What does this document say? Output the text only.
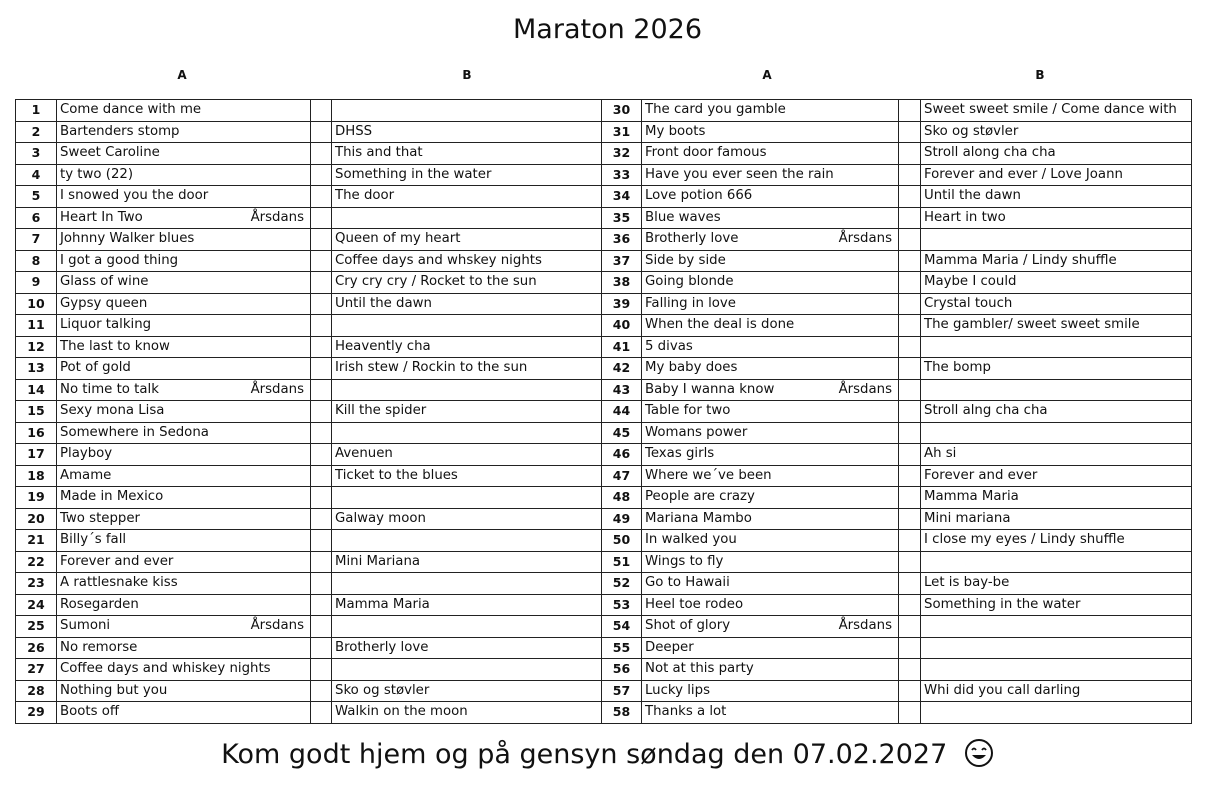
Maraton 2026
A	B	A	B
1	Come dance with me			30	The card you gamble		Sweet sweet smile / Come dance with
2	Bartenders stomp		DHSS	31	My boots		Sko og støvler
3	Sweet Caroline		This and that	32	Front door famous		Stroll along cha cha
4	ty two (22)		Something in the water	33	Have you ever seen the rain		Forever and ever / Love Joann
5	I snowed you the door		The door	34	Love potion 666		Until the dawn
6	Heart In Two Årsdans			35	Blue waves		Heart in two
7	Johnny Walker blues		Queen of my heart	36	Brotherly love Årsdans		

8	I got a good thing		Coffee days and whskey nights	37	Side by side		Mamma Maria / Lindy shuffle
9	Glass of wine		Cry cry cry / Rocket to the sun	38	Going blonde		Maybe I could
10	Gypsy queen		Until the dawn	39	Falling in love		Crystal touch
11	Liquor talking			40	When the deal is done		The gambler/ sweet sweet smile
12	The last to know		Heavently cha	41	5 divas		
13	Pot of gold		Irish stew / Rockin to the sun	42	My baby does		The bomp
14	No time to talk Årsdans			43	Baby I wanna know Årsdans		

15	Sexy mona Lisa		Kill the spider	44	Table for two		Stroll alng cha cha
16	Somewhere in Sedona			45	Womans power		
17	Playboy		Avenuen	46	Texas girls		Ah si
18	Amame		Ticket to the blues	47	Where we´ve been		Forever and ever
19	Made in Mexico			48	People are crazy		Mamma Maria
20	Two stepper		Galway moon	49	Mariana Mambo		Mini mariana
21	Billy´s fall			50	In walked you		I close my eyes / Lindy shuffle
22	Forever and ever		Mini Mariana	51	Wings to fly		
23	A rattlesnake kiss			52	Go to Hawaii		Let is bay-be
24	Rosegarden		Mamma Maria	53	Heel toe rodeo		Something in the water
25	Sumoni Årsdans			54	Shot of glory Årsdans		

26	No remorse		Brotherly love	55	Deeper		
27	Coffee days and whiskey nights			56	Not at this party		
28	Nothing but you		Sko og støvler	57	Lucky lips		Whi did you call darling
29	Boots off		Walkin on the moon	58	Thanks a lot		
Kom godt hjem og på gensyn søndag den 07.02.2027
